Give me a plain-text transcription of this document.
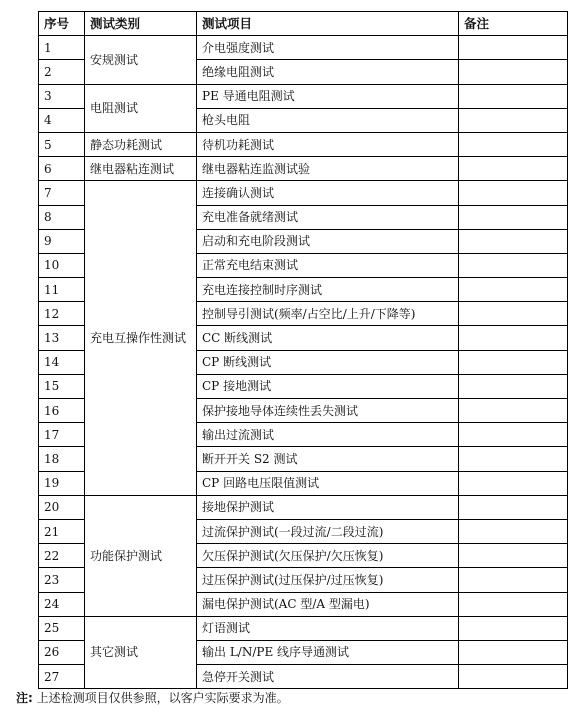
序号	测试类别	测试项目	备注
1	安规测试	介电强度测试	
2		绝缘电阻测试	
3	电阻测试	PE 导通电阻测试	
4		枪头电阻	
5	静态功耗测试	待机功耗测试	
6	继电器粘连测试	继电器粘连监测试验	
7	充电互操作性测试	连接确认测试	
8		充电准备就绪测试	
9		启动和充电阶段测试	
10		正常充电结束测试	
11		充电连接控制时序测试	
12		控制导引测试(频率/占空比/上升/下降等)	
13		CC 断线测试	
14		CP 断线测试	
15		CP 接地测试	
16		保护接地导体连续性丢失测试	
17		输出过流测试	
18		断开开关 S2 测试	
19		CP 回路电压限值测试	
20	功能保护测试	接地保护测试	
21		过流保护测试(一段过流/二段过流)	
22		欠压保护测试(欠压保护/欠压恢复)	
23		过压保护测试(过压保护/过压恢复)	
24		漏电保护测试(AC 型/A 型漏电)	
25	其它测试	灯语测试	
26		输出 L/N/PE 线序导通测试	
27		急停开关测试	
注: 上述检测项目仅供参照，以客户实际要求为准。
